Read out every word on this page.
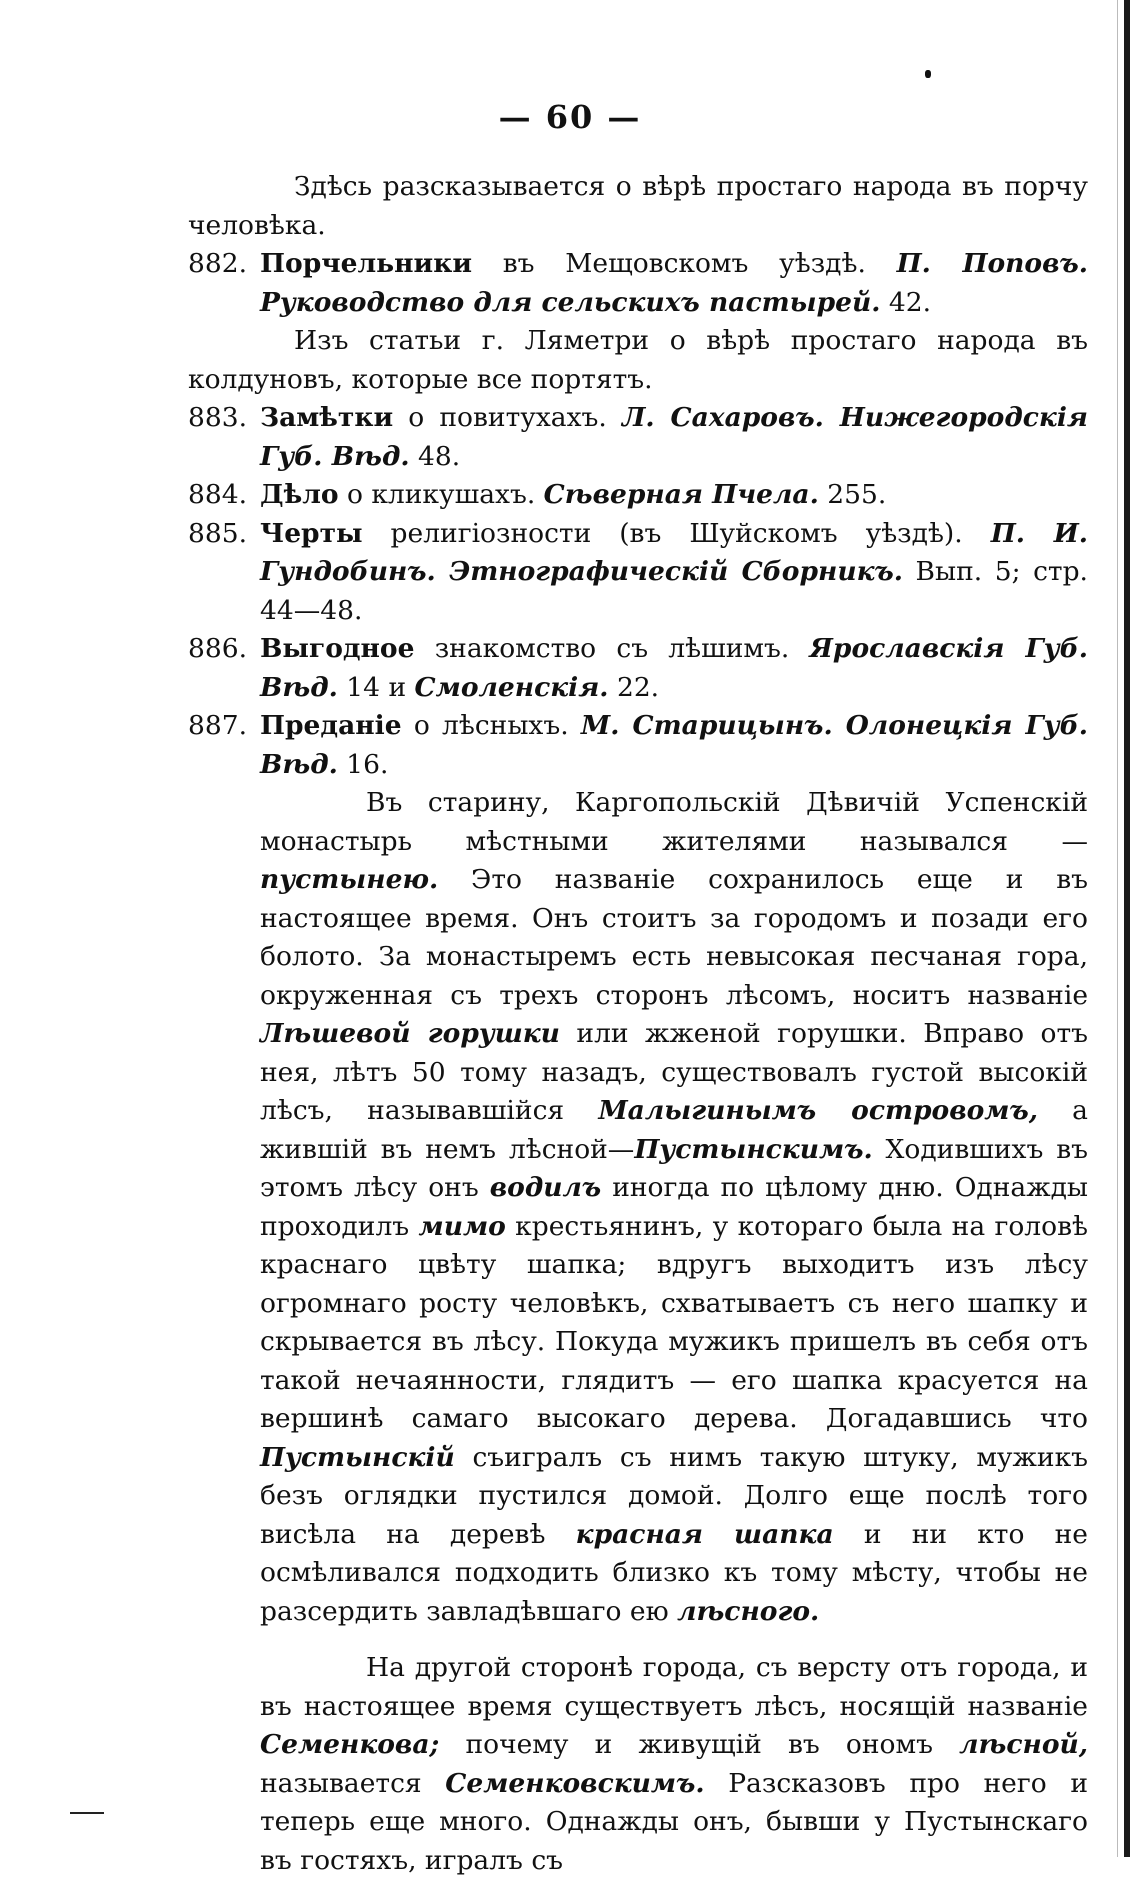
— 60 —

Здѣсь разсказывается о вѣрѣ простаго народа въ порчу человѣка.

882. Порчельники въ Мещовскомъ уѣздѣ. П. Поповъ. Руководство для сельскихъ пастырей. 42.

Изъ статьи г. Ляметри о вѣрѣ простаго народа въ колдуновъ, которые все портятъ.

883. Замѣтки о повитухахъ. Л. Сахаровъ. Нижегородскія Губ. Вѣд. 48.

884. Дѣло о кликушахъ. Сѣверная Пчела. 255.

885. Черты религіозности (въ Шуйскомъ уѣздѣ). П. И. Гундобинъ. Этнографическій Сборникъ. Вып. 5; стр. 44—48.

886. Выгодное знакомство съ лѣшимъ. Ярославскія Губ. Вѣд. 14 и Смоленскія. 22.

887. Преданіе о лѣсныхъ. М. Старицынъ. Олонецкія Губ. Вѣд. 16.

Въ старину, Каргопольскій Дѣвичій Успенскій монастырь мѣстными жителями назывался — пустынею. Это названіе сохранилось еще и въ настоящее время. Онъ стоитъ за городомъ и позади его болото. За монастыремъ есть невысокая песчаная гора, окруженная съ трехъ сторонъ лѣсомъ, носитъ названіе Лѣшевой горушки или жженой горушки. Вправо отъ нея, лѣтъ 50 тому назадъ, существовалъ густой высокій лѣсъ, называвшійся Малыгинымъ островомъ, а жившій въ немъ лѣсной—Пустынскимъ. Ходившихъ въ этомъ лѣсу онъ водилъ иногда по цѣлому дню. Однажды проходилъ мимо крестьянинъ, у котораго была на головѣ краснаго цвѣту шапка; вдругъ выходитъ изъ лѣсу огромнаго росту человѣкъ, схватываетъ съ него шапку и скрывается въ лѣсу. Покуда мужикъ пришелъ въ себя отъ такой нечаянности, глядитъ — его шапка красуется на вершинѣ самаго высокаго дерева. Догадавшись что Пустынскій съигралъ съ нимъ такую штуку, мужикъ безъ оглядки пустился домой. Долго еще послѣ того висѣла на деревѣ красная шапка и ни кто не осмѣливался подходить близко къ тому мѣсту, чтобы не разсердить завладѣвшаго ею лѣсного.

На другой сторонѣ города, съ версту отъ города, и въ настоящее время существуетъ лѣсъ, носящій названіе Семенкова; почему и живущій въ ономъ лѣсной, называется Семенковскимъ. Разсказовъ про него и теперь еще много. Однажды онъ, бывши у Пустынскаго въ гостяхъ, игралъ съ
